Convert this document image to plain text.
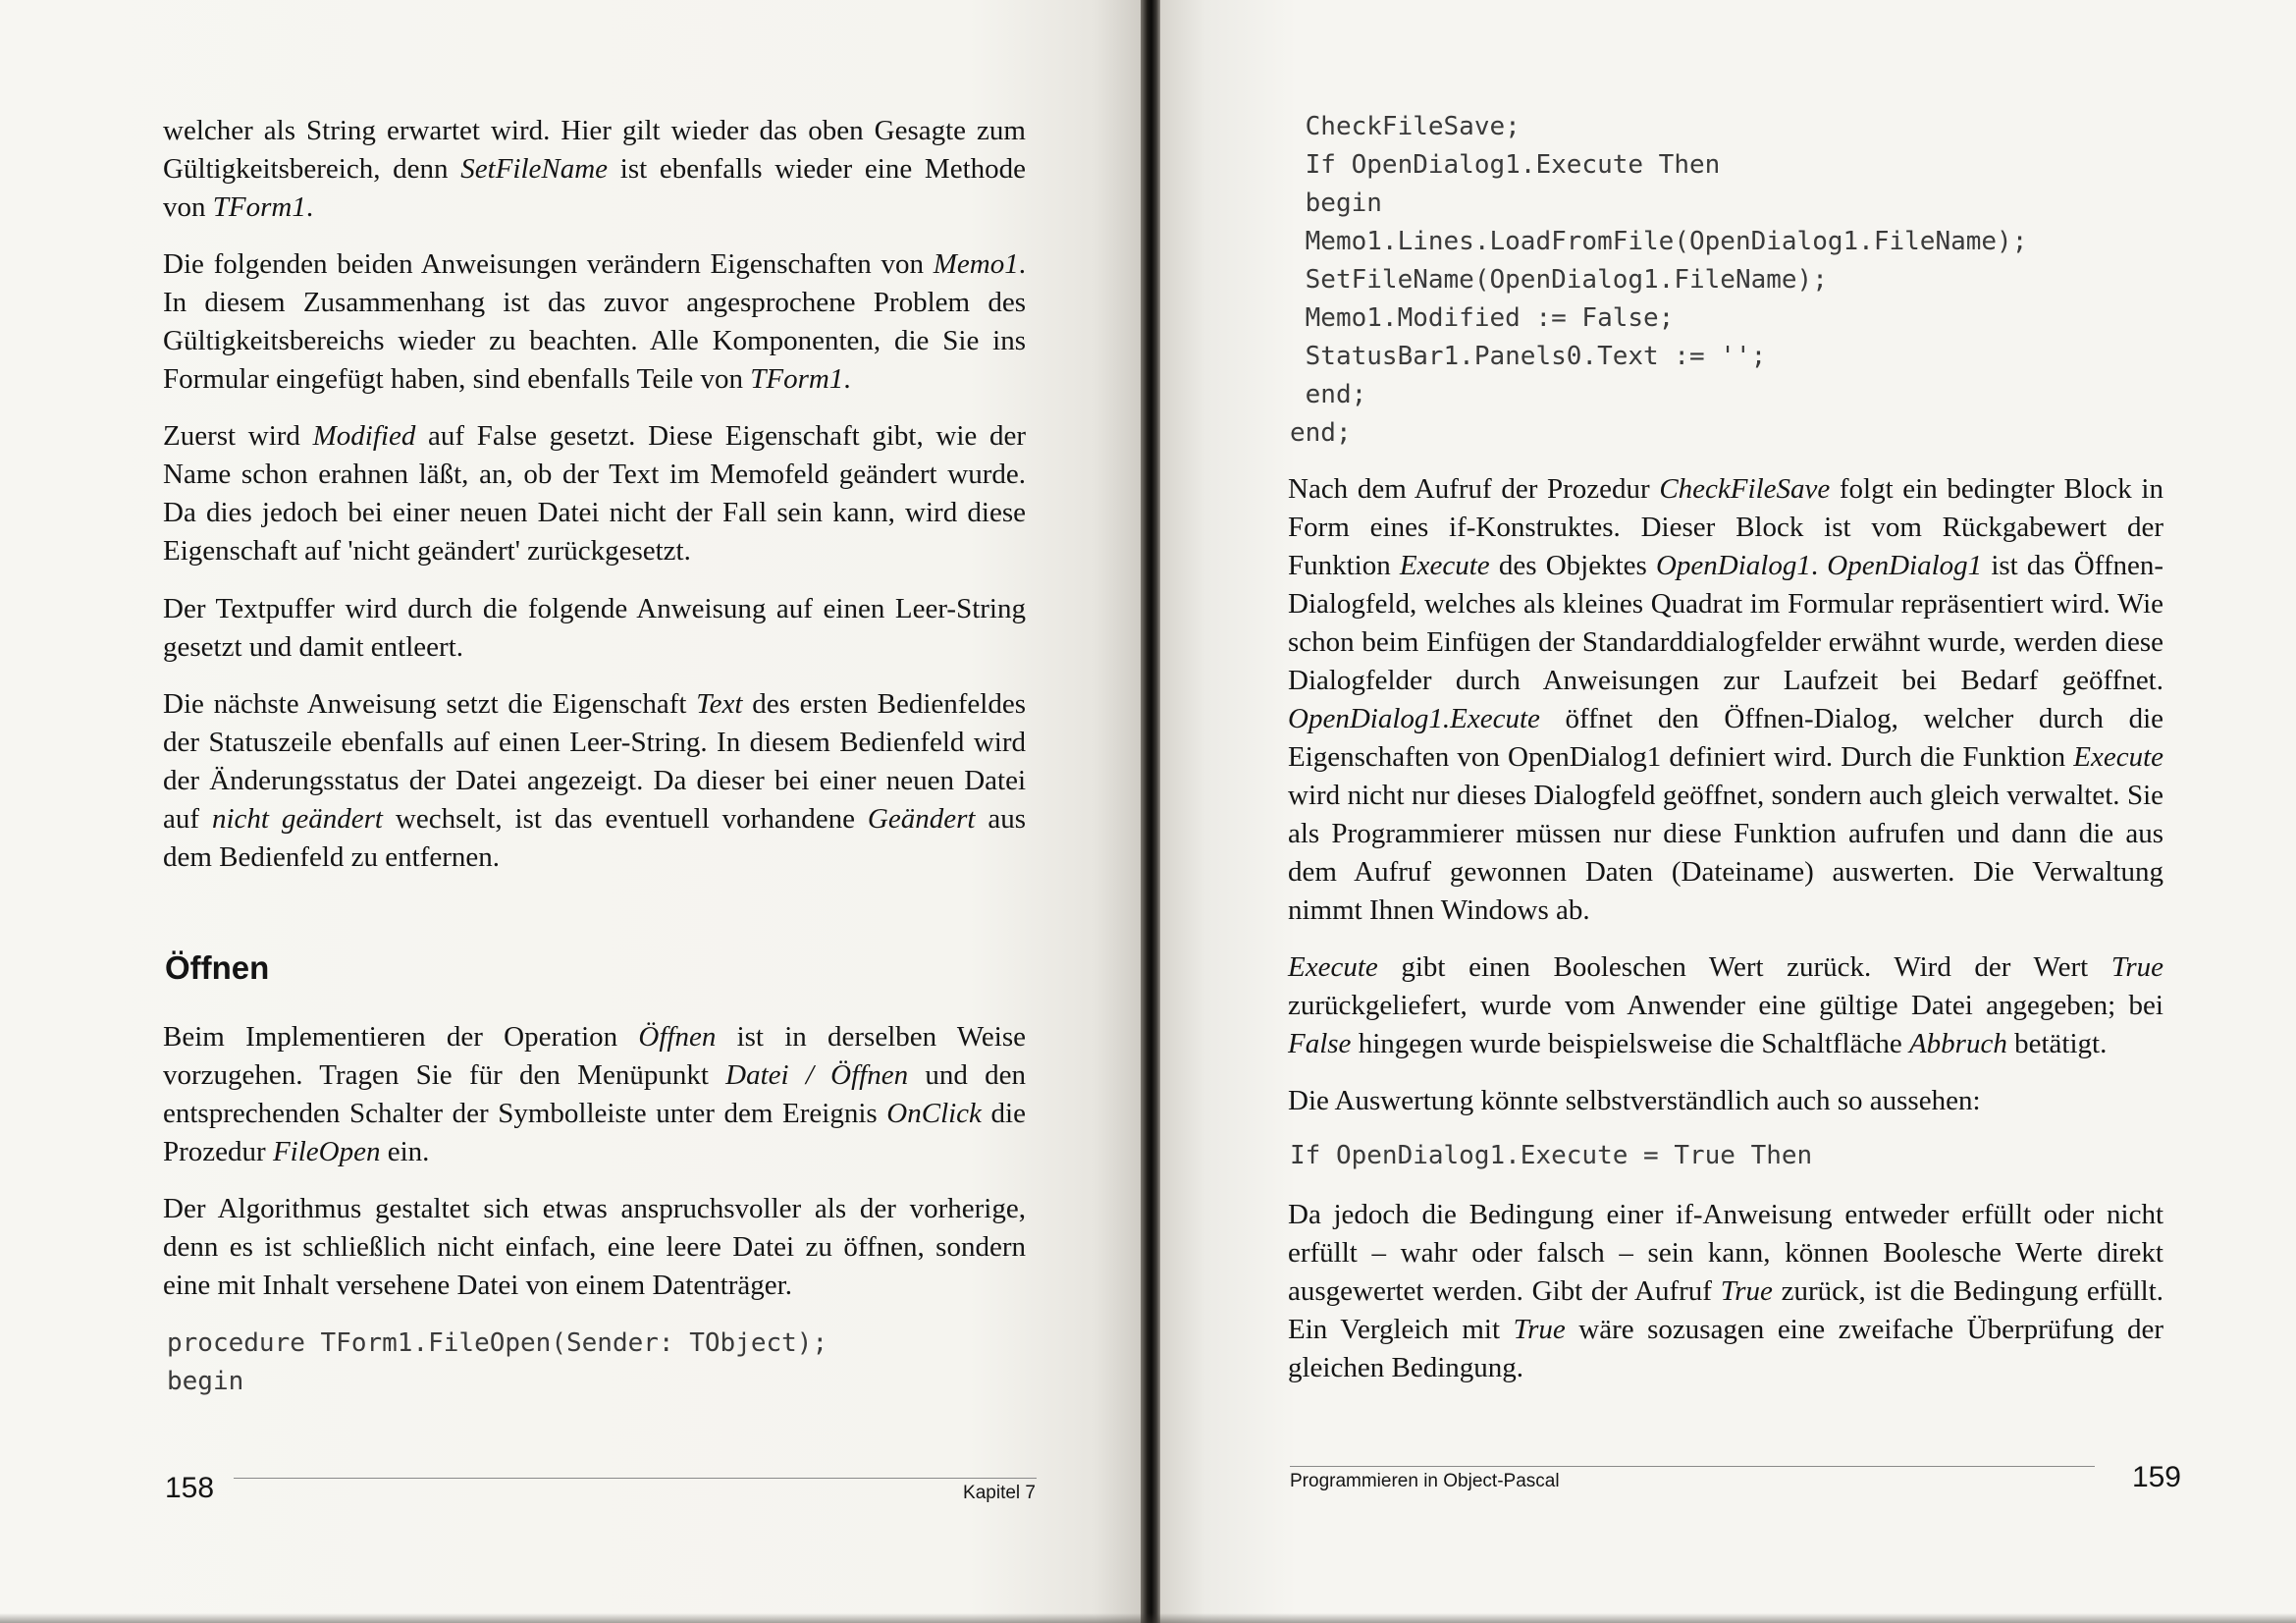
welcher als String erwartet wird. Hier gilt wieder das oben Gesagte zum Gültigkeitsbereich, denn SetFileName ist ebenfalls wieder eine Methode von TForm1.

Die folgenden beiden Anweisungen verändern Eigenschaften von Memo1. In diesem Zusammenhang ist das zuvor angesprochene Problem des Gültigkeitsbereichs wieder zu beachten. Alle Komponenten, die Sie ins Formular eingefügt haben, sind ebenfalls Teile von TForm1.

Zuerst wird Modified auf False gesetzt. Diese Eigenschaft gibt, wie der Name schon erahnen läßt, an, ob der Text im Memofeld geändert wurde. Da dies jedoch bei einer neuen Datei nicht der Fall sein kann, wird diese Eigenschaft auf 'nicht geändert' zurückgesetzt.

Der Textpuffer wird durch die folgende Anweisung auf einen Leer-String gesetzt und damit entleert.

Die nächste Anweisung setzt die Eigenschaft Text des ersten Bedienfeldes der Statuszeile ebenfalls auf einen Leer-String. In diesem Bedienfeld wird der Änderungsstatus der Datei angezeigt. Da dieser bei einer neuen Datei auf nicht geändert wechselt, ist das eventuell vorhandene Geändert aus dem Bedienfeld zu entfernen.

Öffnen

Beim Implementieren der Operation Öffnen ist in derselben Weise vorzugehen. Tragen Sie für den Menüpunkt Datei / Öffnen und den entsprechenden Schalter der Symbolleiste unter dem Ereignis OnClick die Prozedur FileOpen ein.

Der Algorithmus gestaltet sich etwas anspruchsvoller als der vorherige, denn es ist schließlich nicht einfach, eine leere Datei zu öffnen, sondern eine mit Inhalt versehene Datei von einem Datenträger.

procedure TForm1.FileOpen(Sender: TObject);
begin
158	Kapitel 7
CheckFileSave;
If OpenDialog1.Execute Then
begin
Memo1.Lines.LoadFromFile(OpenDialog1.FileName);
SetFileName(OpenDialog1.FileName);
Memo1.Modified := False;
StatusBar1.Panels0.Text := '';
end;
end;

Nach dem Aufruf der Prozedur CheckFileSave folgt ein bedingter Block in Form eines if-Konstruktes. Dieser Block ist vom Rückgabewert der Funktion Execute des Objektes OpenDialog1. OpenDialog1 ist das Öffnen-Dialogfeld, welches als kleines Quadrat im Formular repräsentiert wird. Wie schon beim Einfügen der Standarddialogfelder erwähnt wurde, werden diese Dialogfelder durch Anweisungen zur Laufzeit bei Bedarf geöffnet. OpenDialog1.Execute öffnet den Öffnen-Dialog, welcher durch die Eigenschaften von OpenDialog1 definiert wird. Durch die Funktion Execute wird nicht nur dieses Dialogfeld geöffnet, sondern auch gleich verwaltet. Sie als Programmierer müssen nur diese Funktion aufrufen und dann die aus dem Aufruf gewonnen Daten (Dateiname) auswerten. Die Verwaltung nimmt Ihnen Windows ab.

Execute gibt einen Booleschen Wert zurück. Wird der Wert True zurückgeliefert, wurde vom Anwender eine gültige Datei angegeben; bei False hingegen wurde beispielsweise die Schaltfläche Abbruch betätigt.

Die Auswertung könnte selbstverständlich auch so aussehen:

If OpenDialog1.Execute = True Then

Da jedoch die Bedingung einer if-Anweisung entweder erfüllt oder nicht erfüllt – wahr oder falsch – sein kann, können Boolesche Werte direkt ausgewertet werden. Gibt der Aufruf True zurück, ist die Bedingung erfüllt. Ein Vergleich mit True wäre sozusagen eine zweifache Überprüfung der gleichen Bedingung.

Programmieren in Object-Pascal	159
